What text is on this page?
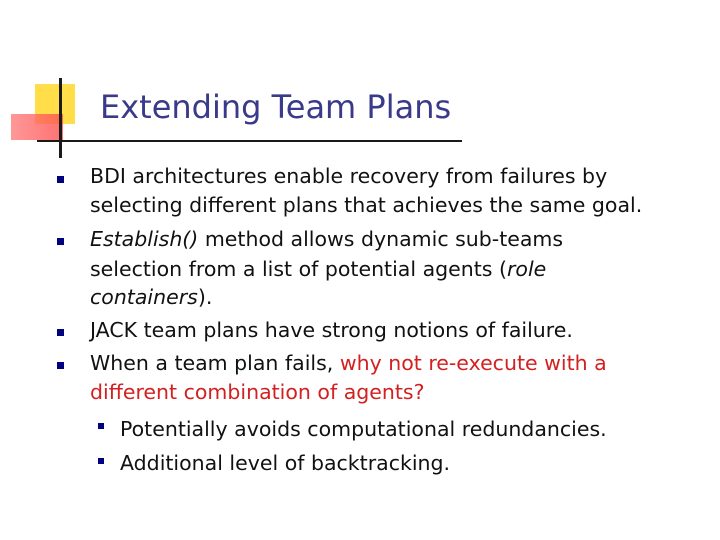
Extending Team Plans
BDI architectures enable recovery from failures by
selecting different plans that achieves the same goal.
Establish() method allows dynamic sub-teams
selection from a list of potential agents (role
containers).
JACK team plans have strong notions of failure.
When a team plan fails, why not re-execute with a
different combination of agents?
Potentially avoids computational redundancies.
Additional level of backtracking.
